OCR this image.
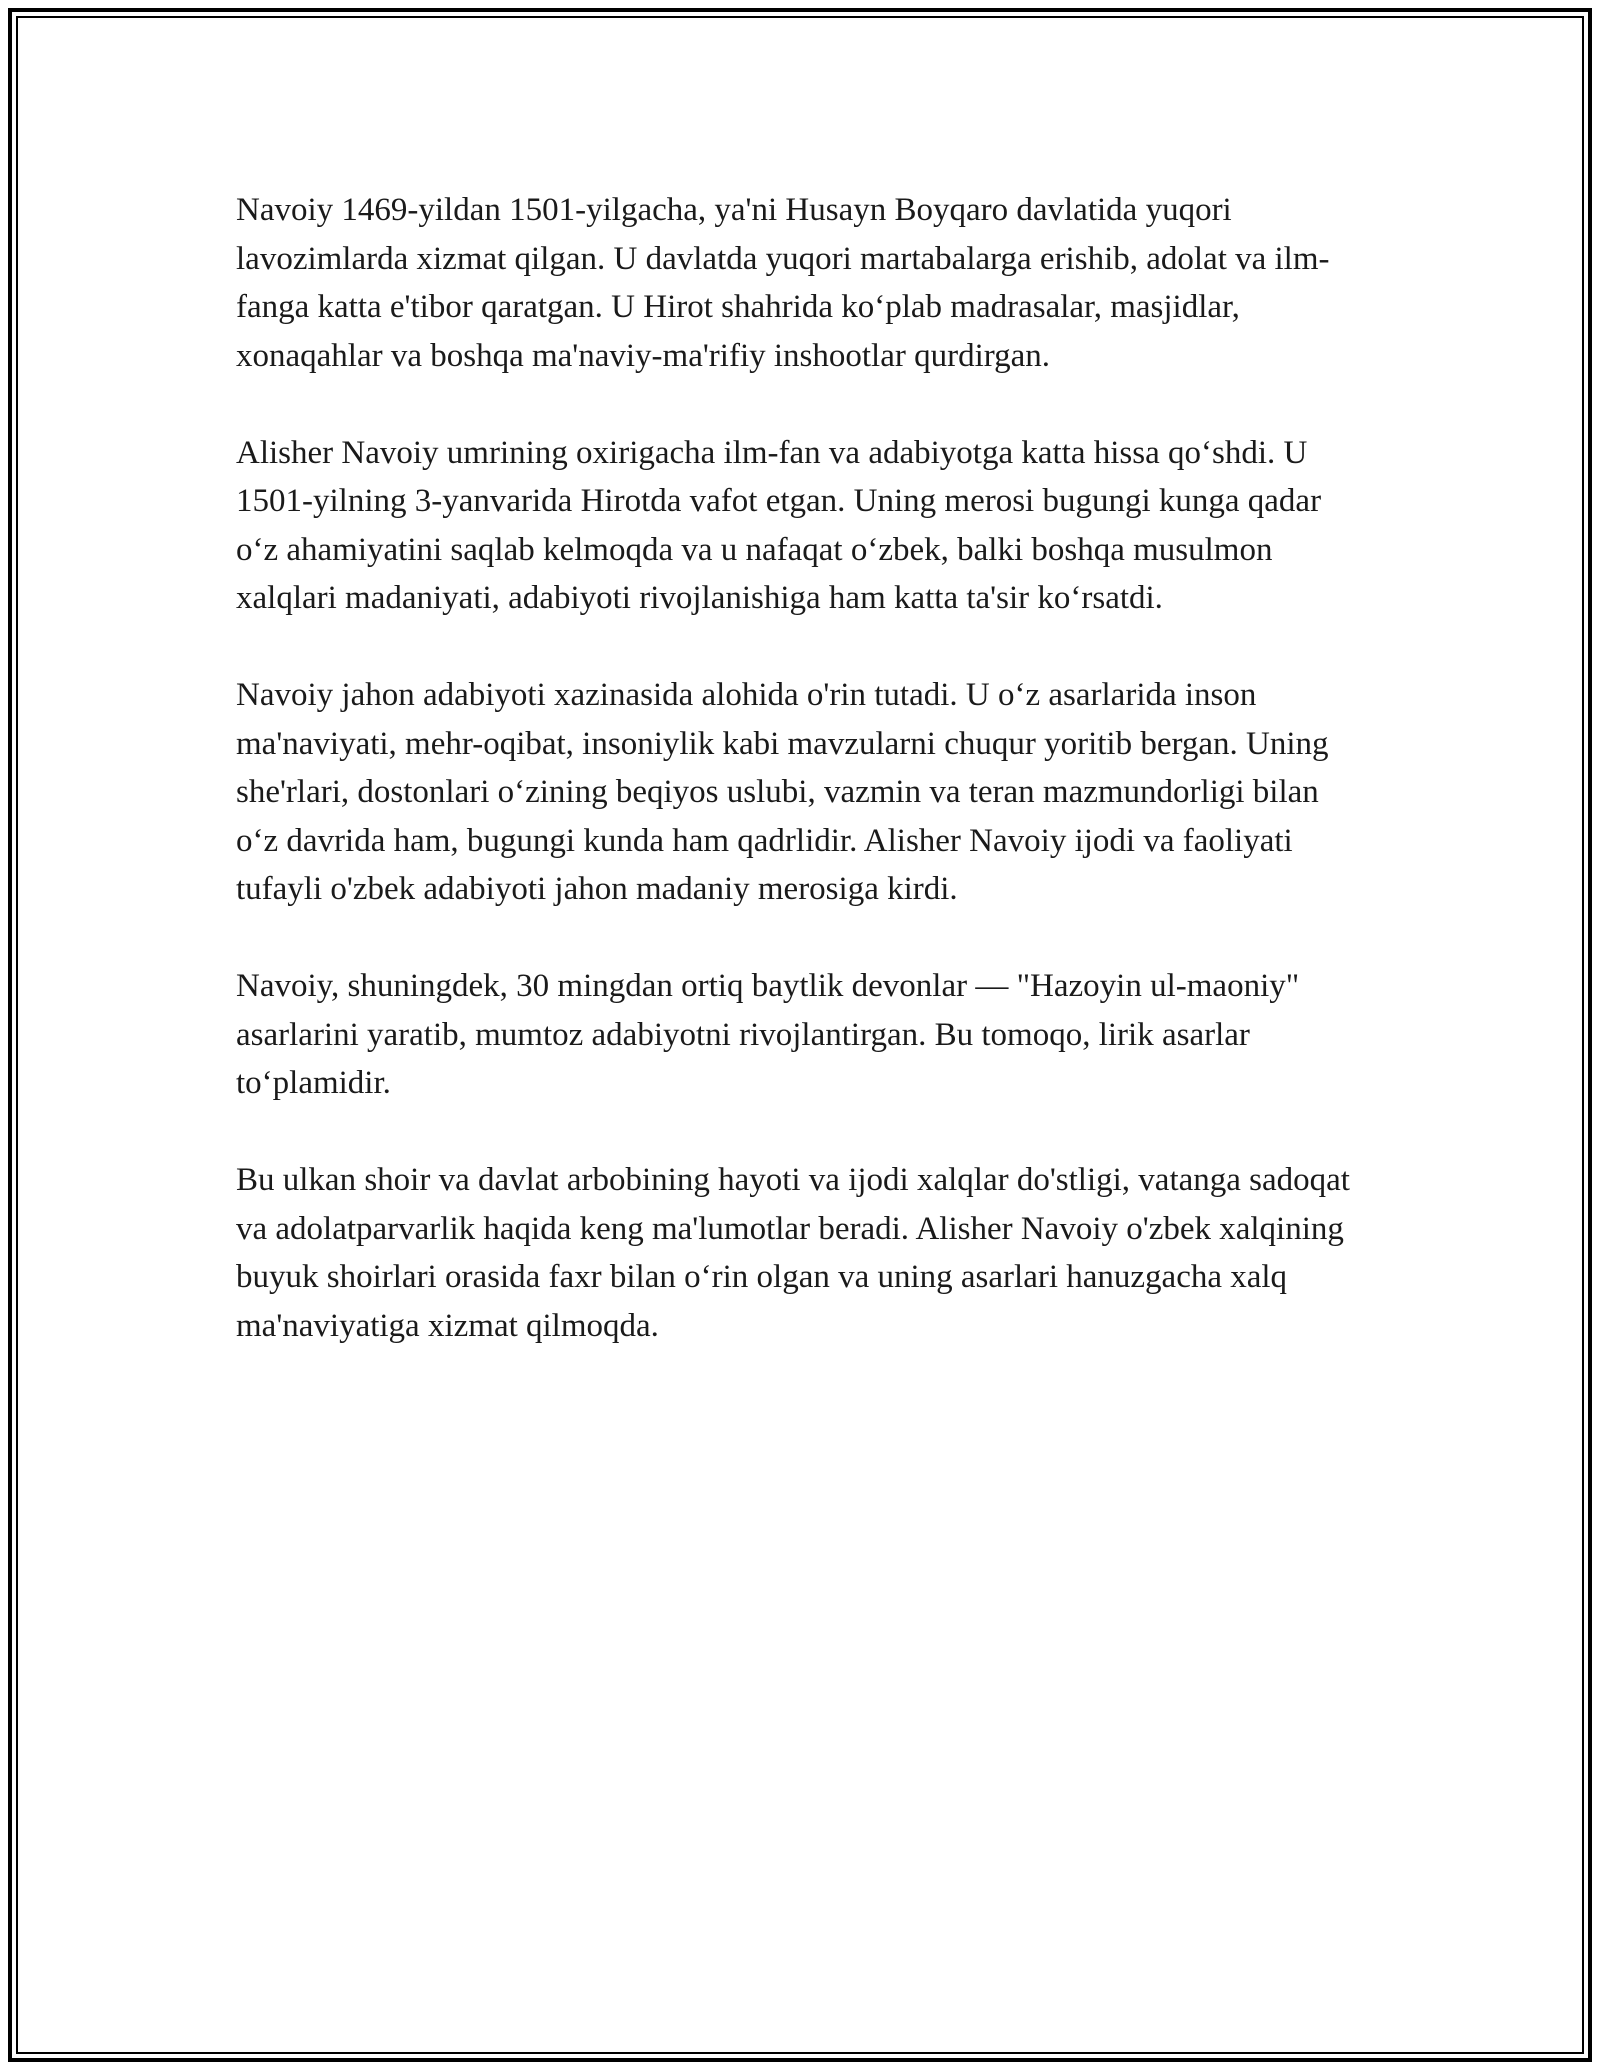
Navoiy 1469-yildan 1501-yilgacha, ya'ni Husayn Boyqaro davlatida yuqori lavozimlarda xizmat qilgan. U davlatda yuqori martabalarga erishib, adolat va ilm-fanga katta e'tibor qaratgan. U Hirot shahrida ko‘plab madrasalar, masjidlar, xonaqahlar va boshqa ma'naviy-ma'rifiy inshootlar qurdirgan.

Alisher Navoiy umrining oxirigacha ilm-fan va adabiyotga katta hissa qo‘shdi. U 1501-yilning 3-yanvarida Hirotda vafot etgan. Uning merosi bugungi kunga qadar o‘z ahamiyatini saqlab kelmoqda va u nafaqat o‘zbek, balki boshqa musulmon xalqlari madaniyati, adabiyoti rivojlanishiga ham katta ta'sir ko‘rsatdi.

Navoiy jahon adabiyoti xazinasida alohida o'rin tutadi. U o‘z asarlarida inson ma'naviyati, mehr-oqibat, insoniylik kabi mavzularni chuqur yoritib bergan. Uning she'rlari, dostonlari o‘zining beqiyos uslubi, vazmin va teran mazmundorligi bilan o‘z davrida ham, bugungi kunda ham qadrlidir. Alisher Navoiy ijodi va faoliyati tufayli o'zbek adabiyoti jahon madaniy merosiga kirdi.

Navoiy, shuningdek, 30 mingdan ortiq baytlik devonlar — "Hazoyin ul-maoniy" asarlarini yaratib, mumtoz adabiyotni rivojlantirgan. Bu tomoqo, lirik asarlar to‘plamidir.

Bu ulkan shoir va davlat arbobining hayoti va ijodi xalqlar do'stligi, vatanga sadoqat va adolatparvarlik haqida keng ma'lumotlar beradi. Alisher Navoiy o'zbek xalqining buyuk shoirlari orasida faxr bilan o‘rin olgan va uning asarlari hanuzgacha xalq ma'naviyatiga xizmat qilmoqda.
